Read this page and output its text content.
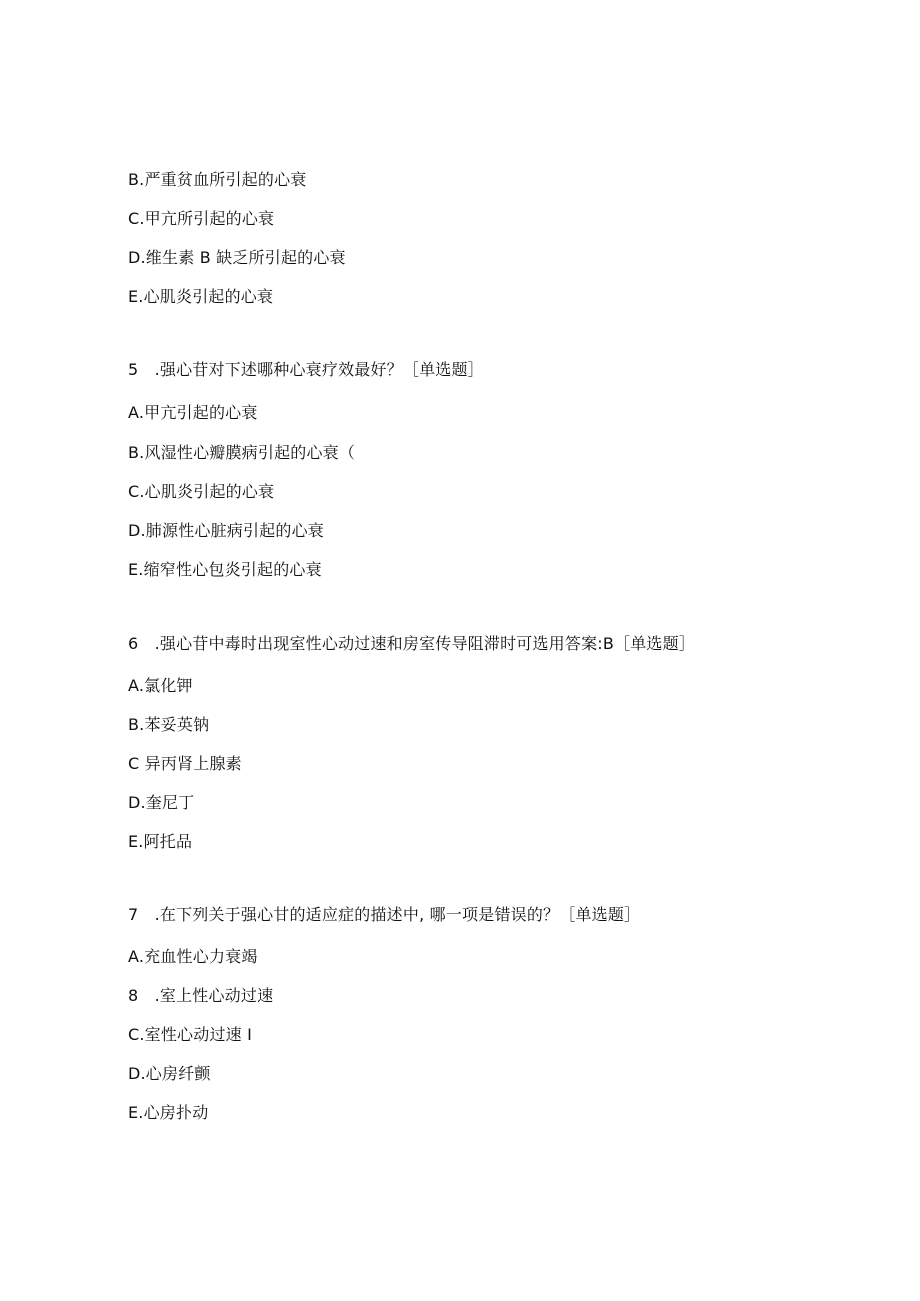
B.严重贫血所引起的心衰
C.甲亢所引起的心衰
D.维生素 B 缺乏所引起的心衰
E.心肌炎引起的心衰
5　.强心苷对下述哪种心衰疗效最好？［单选题］
A.甲亢引起的心衰
B.风湿性心瓣膜病引起的心衰（
C.心肌炎引起的心衰
D.肺源性心脏病引起的心衰
E.缩窄性心包炎引起的心衰
6　.强心苷中毒时出现室性心动过速和房室传导阻滞时可选用答案:B［单选题］
A.氯化钾
B.苯妥英钠
C 异丙肾上腺素
D.奎尼丁
E.阿托品
7　.在下列关于强心甘的适应症的描述中, 哪一项是错误的？［单选题］
A.充血性心力衰竭
8　.室上性心动过速
C.室性心动过速 I
D.心房纤颤
E.心房扑动
